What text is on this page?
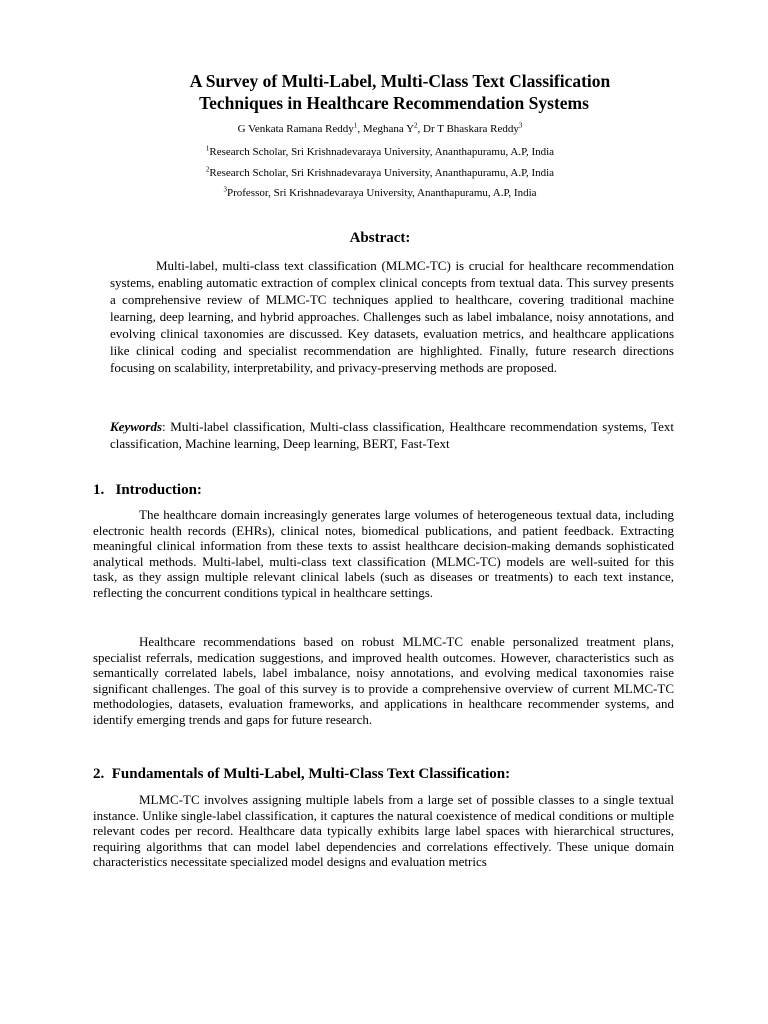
A Survey of Multi-Label, Multi-Class Text Classification
Techniques in Healthcare Recommendation Systems
G Venkata Ramana Reddy$^1$, Meghana $Y^2$, Dr T Bhaskara Reddy$^3$
$^1$Research Scholar, Sri Krishnadevaraya University, Ananthapuramu, A.P, India
$^2$Research Scholar, Sri Krishnadevaraya University, Ananthapuramu, A.P, India
$^3$Professor, Sri Krishnadevaraya University, Ananthapuramu, A.P, India
Abstract:
Multi-label, multi-class text classification (MLMC-TC) is crucial for healthcare recommendation systems, enabling automatic extraction of complex clinical concepts from textual data. This survey presents a comprehensive review of MLMC-TC techniques applied to healthcare, covering traditional machine learning, deep learning, and hybrid approaches. Challenges such as label imbalance, noisy annotations, and evolving clinical taxonomies are discussed. Key datasets, evaluation metrics, and healthcare applications like clinical coding and specialist recommendation are highlighted. Finally, future research directions focusing on scalability, interpretability, and privacy-preserving methods are proposed.
Keywords: Multi-label classification, Multi-class classification, Healthcare recommendation systems, Text classification, Machine learning, Deep learning, BERT, Fast-Text
1. Introduction:
The healthcare domain increasingly generates large volumes of heterogeneous textual data, including electronic health records (EHRs), clinical notes, biomedical publications, and patient feedback. Extracting meaningful clinical information from these texts to assist healthcare decision-making demands sophisticated analytical methods. Multi-label, multi-class text classification (MLMC-TC) models are well-suited for this task, as they assign multiple relevant clinical labels (such as diseases or treatments) to each text instance, reflecting the concurrent conditions typical in healthcare settings.
Healthcare recommendations based on robust MLMC-TC enable personalized treatment plans, specialist referrals, medication suggestions, and improved health outcomes. However, characteristics such as semantically correlated labels, label imbalance, noisy annotations, and evolving medical taxonomies raise significant challenges. The goal of this survey is to provide a comprehensive overview of current MLMC-TC methodologies, datasets, evaluation frameworks, and applications in healthcare recommender systems, and identify emerging trends and gaps for future research.
2. Fundamentals of Multi-Label, Multi-Class Text Classification:
MLMC-TC involves assigning multiple labels from a large set of possible classes to a single textual instance. Unlike single-label classification, it captures the natural coexistence of medical conditions or multiple relevant codes per record. Healthcare data typically exhibits large label spaces with hierarchical structures, requiring algorithms that can model label dependencies and correlations effectively. These unique domain characteristics necessitate specialized model designs and evaluation metrics
